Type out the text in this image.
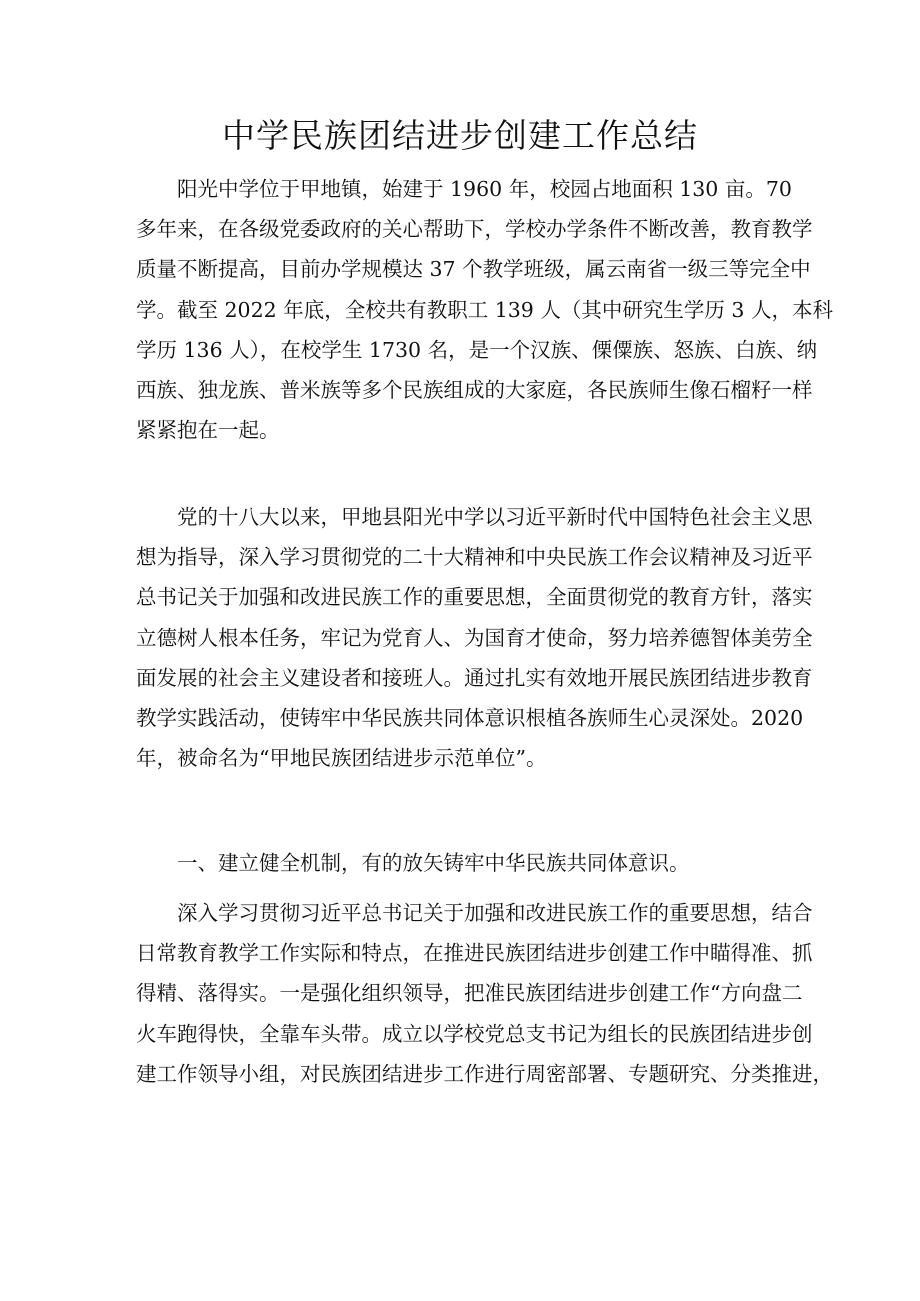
中学民族团结进步创建工作总结
　　阳光中学位于甲地镇，始建于 1960 年，校园占地面积 130 亩。70
多年来，在各级党委政府的关心帮助下，学校办学条件不断改善，教育教学
质量不断提高，目前办学规模达 37 个教学班级，属云南省一级三等完全中
学。截至 2022 年底，全校共有教职工 139 人（其中研究生学历 3 人，本科
学历 136 人），在校学生 1730 名，是一个汉族、傈僳族、怒族、白族、纳
西族、独龙族、普米族等多个民族组成的大家庭，各民族师生像石榴籽一样
紧紧抱在一起。
　　党的十八大以来，甲地县阳光中学以习近平新时代中国特色社会主义思
想为指导，深入学习贯彻党的二十大精神和中央民族工作会议精神及习近平
总书记关于加强和改进民族工作的重要思想，全面贯彻党的教育方针，落实
立德树人根本任务，牢记为党育人、为国育才使命，努力培养德智体美劳全
面发展的社会主义建设者和接班人。通过扎实有效地开展民族团结进步教育
教学实践活动，使铸牢中华民族共同体意识根植各族师生心灵深处。2020
年，被命名为“甲地民族团结进步示范单位”。
　　一、建立健全机制，有的放矢铸牢中华民族共同体意识。
　　深入学习贯彻习近平总书记关于加强和改进民族工作的重要思想，结合
日常教育教学工作实际和特点，在推进民族团结进步创建工作中瞄得准、抓
得精、落得实。一是强化组织领导，把准民族团结进步创建工作“方向盘二
火车跑得快，全靠车头带。成立以学校党总支书记为组长的民族团结进步创
建工作领导小组，对民族团结进步工作进行周密部署、专题研究、分类推进，
